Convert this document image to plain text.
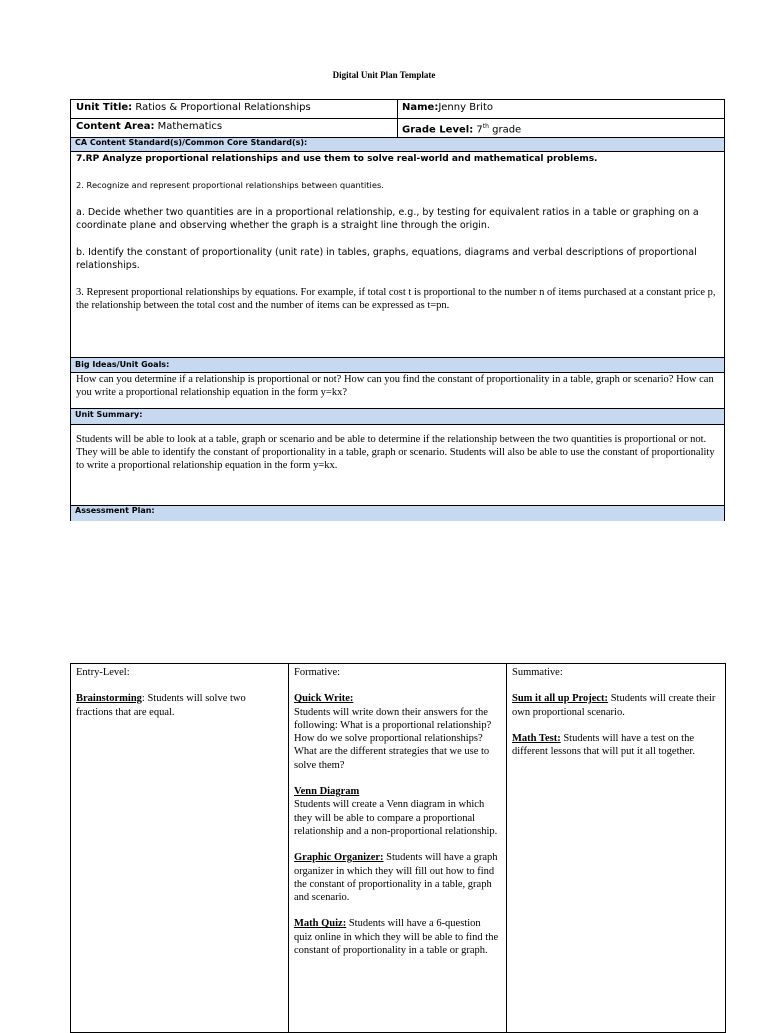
Digital Unit Plan Template
Unit Title: Ratios & Proportional Relationships	Name:Jenny Brito
Content Area: Mathematics	Grade Level: 7th grade
CA Content Standard(s)/Common Core Standard(s):
7.RP Analyze proportional relationships and use them to solve real-world and mathematical problems.
2. Recognize and represent proportional relationships between quantities.
a. Decide whether two quantities are in a proportional relationship, e.g., by testing for equivalent ratios in a table or graphing on a coordinate plane and observing whether the graph is a straight line through the origin.
b. Identify the constant of proportionality (unit rate) in tables, graphs, equations, diagrams and verbal descriptions of proportional relationships.
3. Represent proportional relationships by equations. For example, if total cost t is proportional to the number n of items purchased at a constant price p, the relationship between the total cost and the number of items can be expressed as t=pn.
Big Ideas/Unit Goals:
How can you determine if a relationship is proportional or not? How can you find the constant of proportionality in a table, graph or scenario? How can you write a proportional relationship equation in the form y=kx?
Unit Summary:
Students will be able to look at a table, graph or scenario and be able to determine if the relationship between the two quantities is proportional or not. They will be able to identify the constant of proportionality in a table, graph or scenario. Students will also be able to use the constant of proportionality to write a proportional relationship equation in the form y=kx.
Assessment Plan:
Entry-Level:
Brainstorming: Students will solve two fractions that are equal.
Formative:
Quick Write:
Students will write down their answers for the following: What is a proportional relationship? How do we solve proportional relationships? What are the different strategies that we use to solve them?
Venn Diagram
Students will create a Venn diagram in which they will be able to compare a proportional relationship and a non-proportional relationship.
Graphic Organizer: Students will have a graph organizer in which they will fill out how to find the constant of proportionality in a table, graph and scenario.
Math Quiz: Students will have a 6-question quiz online in which they will be able to find the constant of proportionality in a table or graph.
Summative:
Sum it all up Project: Students will create their own proportional scenario.
Math Test: Students will have a test on the different lessons that will put it all together.
